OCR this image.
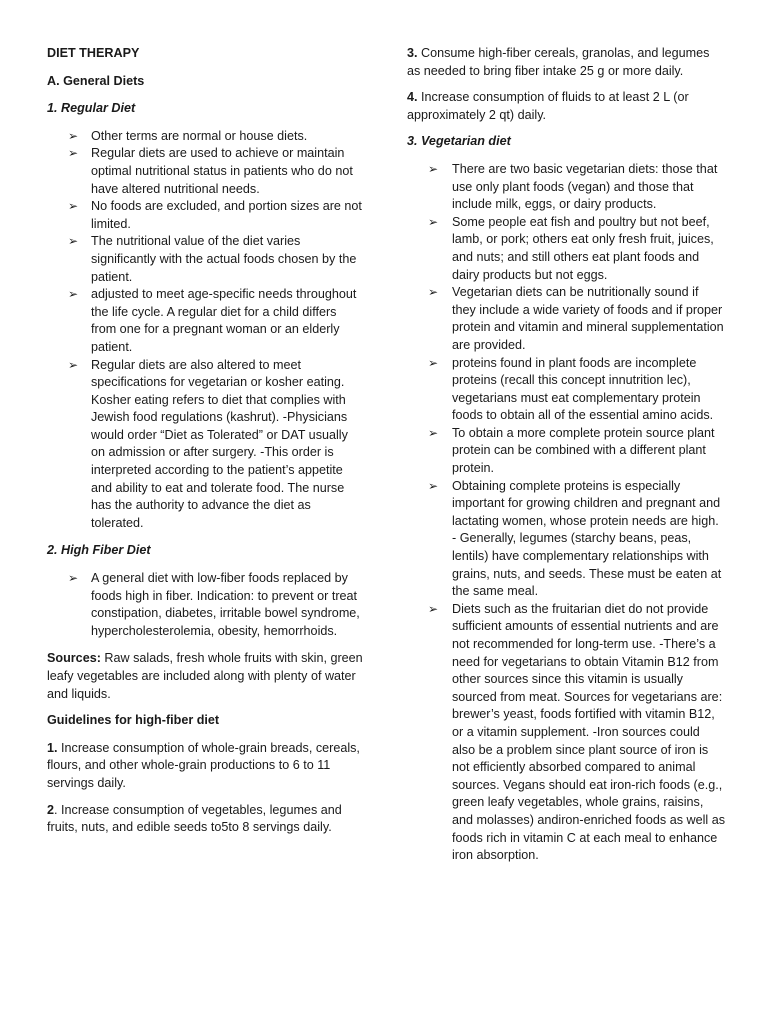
DIET THERAPY

A. General Diets

1. Regular Diet

➢ Other terms are normal or house diets.
➢ Regular diets are used to achieve or maintain optimal nutritional status in patients who do not have altered nutritional needs.
➢ No foods are excluded, and portion sizes are not limited.
➢ The nutritional value of the diet varies significantly with the actual foods chosen by the patient.
➢ adjusted to meet age-specific needs throughout the life cycle. A regular diet for a child differs from one for a pregnant woman or an elderly patient.
➢ Regular diets are also altered to meet specifications for vegetarian or kosher eating. Kosher eating refers to diet that complies with Jewish food regulations (kashrut). -Physicians would order “Diet as Tolerated” or DAT usually on admission or after surgery. -This order is interpreted according to the patient’s appetite and ability to eat and tolerate food. The nurse has the authority to advance the diet as tolerated.

2. High Fiber Diet

➢ A general diet with low-fiber foods replaced by foods high in fiber. Indication: to prevent or treat constipation, diabetes, irritable bowel syndrome, hypercholesterolemia, obesity, hemorrhoids.

Sources: Raw salads, fresh whole fruits with skin, green leafy vegetables are included along with plenty of water and liquids.

Guidelines for high-fiber diet

1. Increase consumption of whole-grain breads, cereals, flours, and other whole-grain productions to 6 to 11 servings daily.

2. Increase consumption of vegetables, legumes and fruits, nuts, and edible seeds to5to 8 servings daily.

3. Consume high-fiber cereals, granolas, and legumes as needed to bring fiber intake 25 g or more daily.

4. Increase consumption of fluids to at least 2 L (or approximately 2 qt) daily.

3. Vegetarian diet

➢ There are two basic vegetarian diets: those that use only plant foods (vegan) and those that include milk, eggs, or dairy products.
➢ Some people eat fish and poultry but not beef, lamb, or pork; others eat only fresh fruit, juices, and nuts; and still others eat plant foods and dairy products but not eggs.
➢ Vegetarian diets can be nutritionally sound if they include a wide variety of foods and if proper protein and vitamin and mineral supplementation are provided.
➢ proteins found in plant foods are incomplete proteins (recall this concept innutrition lec), vegetarians must eat complementary protein foods to obtain all of the essential amino acids.
➢ To obtain a more complete protein source plant protein can be combined with a different plant protein.
➢ Obtaining complete proteins is especially important for growing children and pregnant and lactating women, whose protein needs are high. - Generally, legumes (starchy beans, peas, lentils) have complementary relationships with grains, nuts, and seeds. These must be eaten at the same meal.
➢ Diets such as the fruitarian diet do not provide sufficient amounts of essential nutrients and are not recommended for long-term use. -There’s a need for vegetarians to obtain Vitamin B12 from other sources since this vitamin is usually sourced from meat. Sources for vegetarians are: brewer’s yeast, foods fortified with vitamin B12, or a vitamin supplement. -Iron sources could also be a problem since plant source of iron is not efficiently absorbed compared to animal sources. Vegans should eat iron-rich foods (e.g., green leafy vegetables, whole grains, raisins, and molasses) andiron-enriched foods as well as foods rich in vitamin C at each meal to enhance iron absorption.
